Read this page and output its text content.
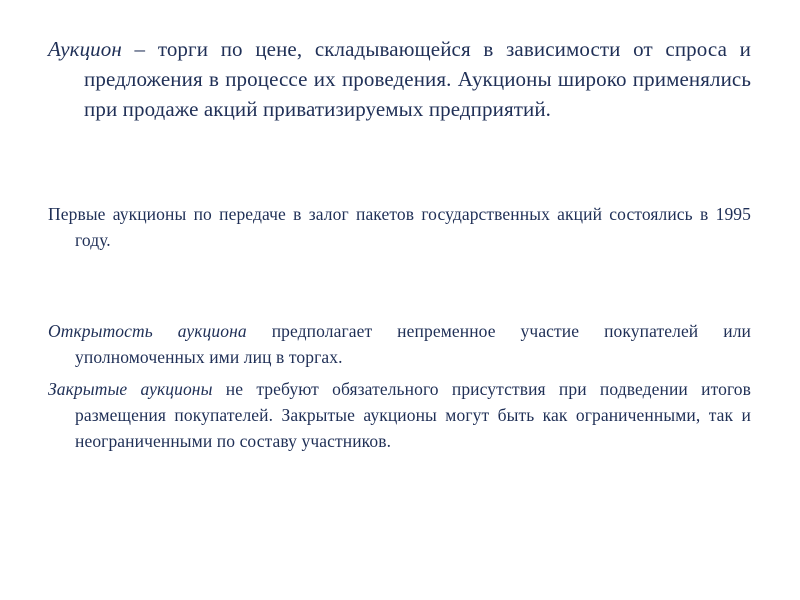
Аукцион – торги по цене, складывающейся в зависимости от спроса и предложения в процессе их проведения. Аукционы широко применялись при продаже акций приватизируемых предприятий.

Первые аукционы по передаче в залог пакетов государственных акций состоялись в 1995 году.

Открытость аукциона предполагает непременное участие покупателей или уполномоченных ими лиц в торгах.

Закрытые аукционы не требуют обязательного присутствия при подведении итогов размещения покупателей. Закрытые аукционы могут быть как ограниченными, так и неограниченными по составу участников.
